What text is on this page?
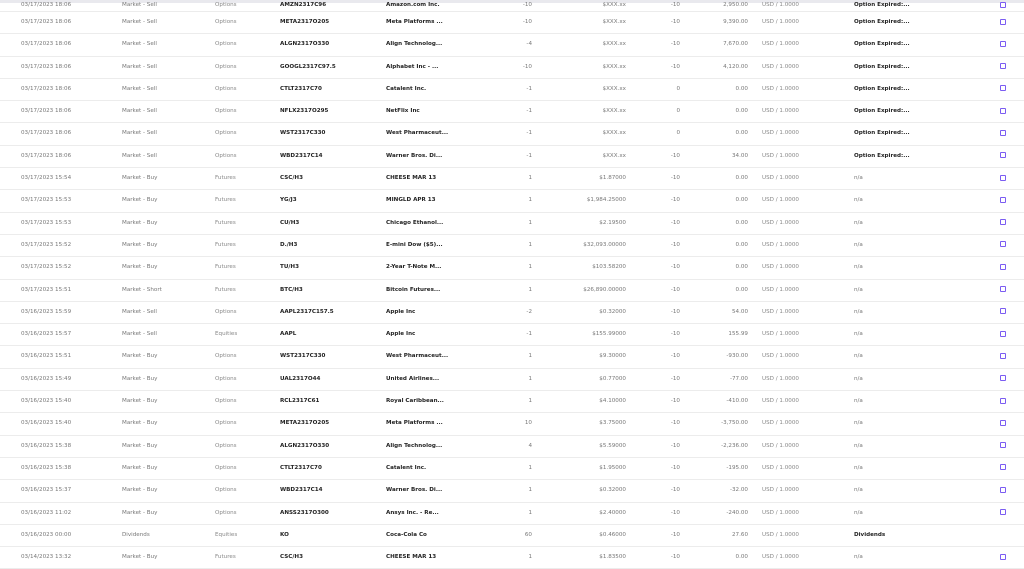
03/17/2023 18:06	Market - Sell	Options	AMZN2317C96	Amazon.com Inc.	-10	$XXX.xx	-10	2,950.00	USD / 1.0000	Option Expired:...
03/17/2023 18:06	Market - Sell	Options	META2317O205	Meta Platforms ...	-10	$XXX.xx	-10	9,390.00	USD / 1.0000	Option Expired:...
03/17/2023 18:06	Market - Sell	Options	ALGN2317O330	Align Technolog...	-4	$XXX.xx	-10	7,670.00	USD / 1.0000	Option Expired:...
03/17/2023 18:06	Market - Sell	Options	GOOGL2317C97.5	Alphabet Inc - ...	-10	$XXX.xx	-10	4,120.00	USD / 1.0000	Option Expired:...
03/17/2023 18:06	Market - Sell	Options	CTLT2317C70	Catalent Inc.	-1	$XXX.xx	0	0.00	USD / 1.0000	Option Expired:...
03/17/2023 18:06	Market - Sell	Options	NFLX2317O295	NetFlix Inc	-1	$XXX.xx	0	0.00	USD / 1.0000	Option Expired:...
03/17/2023 18:06	Market - Sell	Options	WST2317C330	West Pharmaceut...	-1	$XXX.xx	0	0.00	USD / 1.0000	Option Expired:...
03/17/2023 18:06	Market - Sell	Options	WBD2317C14	Warner Bros. Di...	-1	$XXX.xx	-10	34.00	USD / 1.0000	Option Expired:...
03/17/2023 15:54	Market - Buy	Futures	CSC/H3	CHEESE MAR 13	1	$1.87000	-10	0.00	USD / 1.0000	n/a
03/17/2023 15:53	Market - Buy	Futures	YG/J3	MINGLD APR 13	1	$1,984.25000	-10	0.00	USD / 1.0000	n/a
03/17/2023 15:53	Market - Buy	Futures	CU/H3	Chicago Ethanol...	1	$2.19500	-10	0.00	USD / 1.0000	n/a
03/17/2023 15:52	Market - Buy	Futures	D./H3	E-mini Dow ($5)...	1	$32,093.00000	-10	0.00	USD / 1.0000	n/a
03/17/2023 15:52	Market - Buy	Futures	TU/H3	2-Year T-Note M...	1	$103.58200	-10	0.00	USD / 1.0000	n/a
03/17/2023 15:51	Market - Short	Futures	BTC/H3	Bitcoin Futures...	1	$26,890.00000	-10	0.00	USD / 1.0000	n/a
03/16/2023 15:59	Market - Sell	Options	AAPL2317C157.5	Apple Inc	-2	$0.32000	-10	54.00	USD / 1.0000	n/a
03/16/2023 15:57	Market - Sell	Equities	AAPL	Apple Inc	-1	$155.99000	-10	155.99	USD / 1.0000	n/a
03/16/2023 15:51	Market - Buy	Options	WST2317C330	West Pharmaceut...	1	$9.30000	-10	-930.00	USD / 1.0000	n/a
03/16/2023 15:49	Market - Buy	Options	UAL2317O44	United Airlines...	1	$0.77000	-10	-77.00	USD / 1.0000	n/a
03/16/2023 15:40	Market - Buy	Options	RCL2317C61	Royal Caribbean...	1	$4.10000	-10	-410.00	USD / 1.0000	n/a
03/16/2023 15:40	Market - Buy	Options	META2317O205	Meta Platforms ...	10	$3.75000	-10	-3,750.00	USD / 1.0000	n/a
03/16/2023 15:38	Market - Buy	Options	ALGN2317O330	Align Technolog...	4	$5.59000	-10	-2,236.00	USD / 1.0000	n/a
03/16/2023 15:38	Market - Buy	Options	CTLT2317C70	Catalent Inc.	1	$1.95000	-10	-195.00	USD / 1.0000	n/a
03/16/2023 15:37	Market - Buy	Options	WBD2317C14	Warner Bros. Di...	1	$0.32000	-10	-32.00	USD / 1.0000	n/a
03/16/2023 11:02	Market - Buy	Options	ANSS2317O300	Ansys Inc. - Re...	1	$2.40000	-10	-240.00	USD / 1.0000	n/a
03/16/2023 00:00	Dividends	Equities	KO	Coca-Cola Co	60	$0.46000	-10	27.60	USD / 1.0000	Dividends
03/14/2023 13:32	Market - Buy	Futures	CSC/H3	CHEESE MAR 13	1	$1.83500	-10	0.00	USD / 1.0000	n/a
